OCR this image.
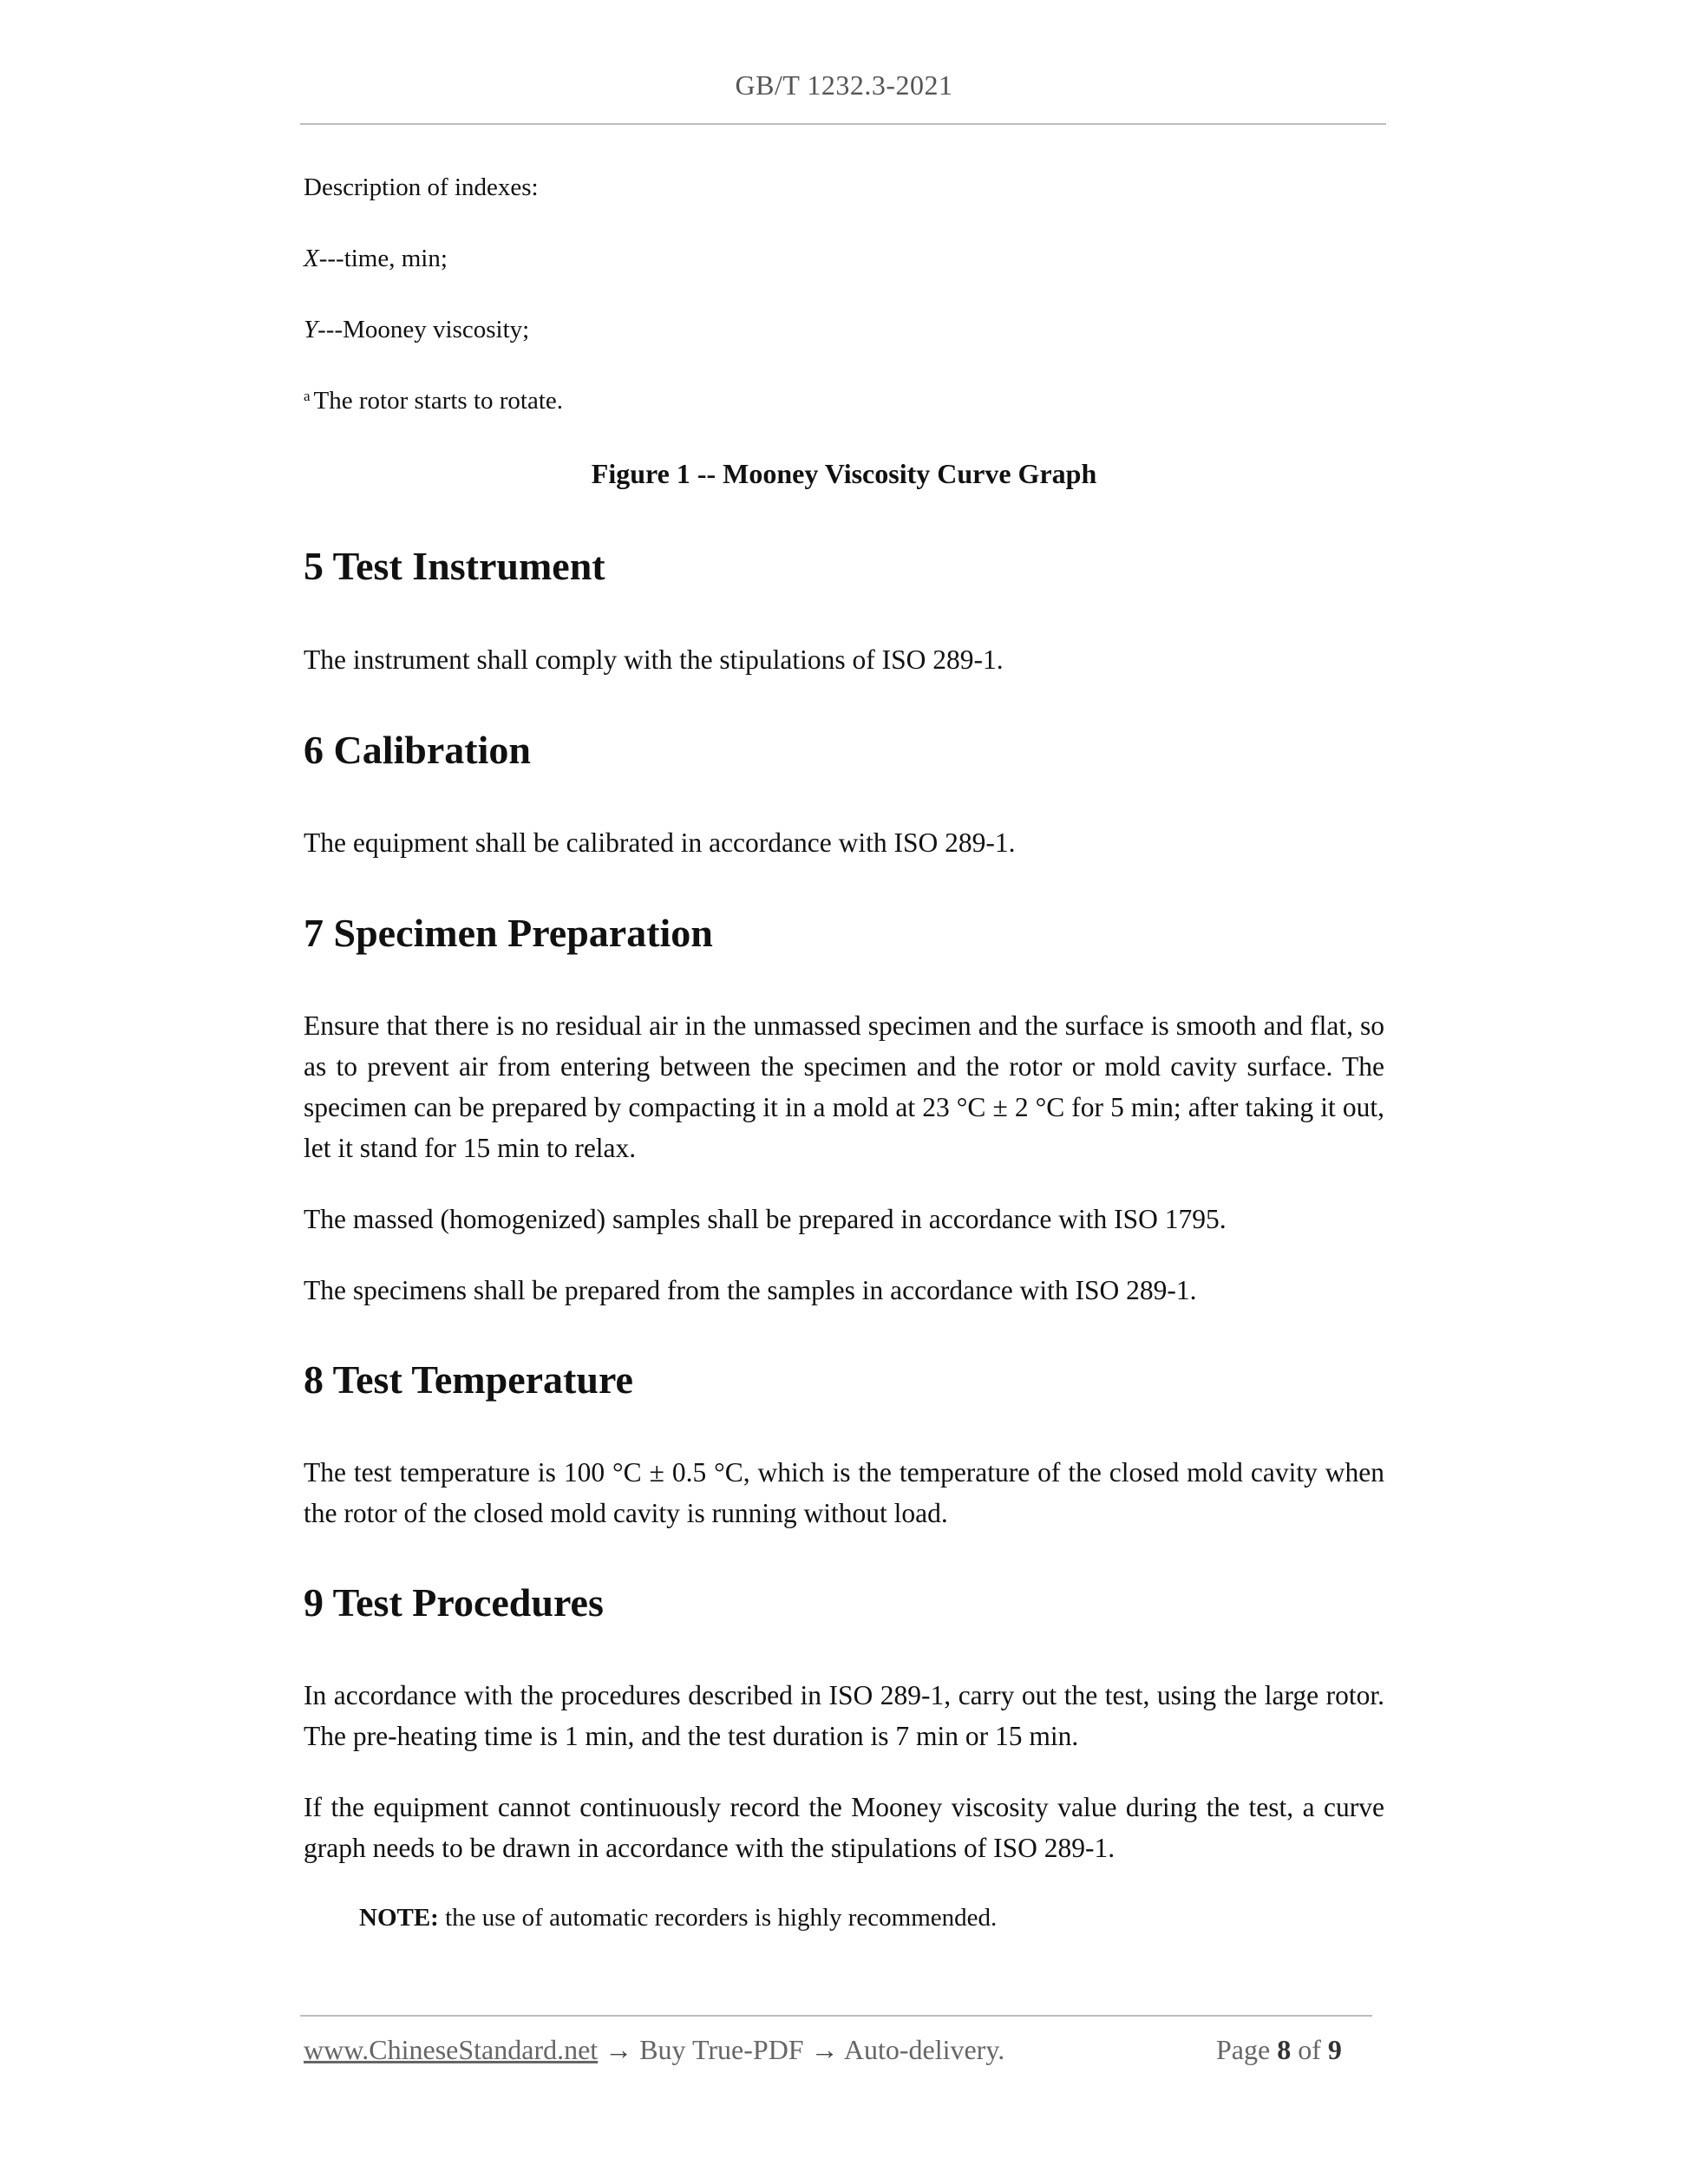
GB/T 1232.3-2021
Description of indexes:
X---time, min;
Y---Mooney viscosity;
$^a$ The rotor starts to rotate.
Figure 1 -- Mooney Viscosity Curve Graph
5 Test Instrument

The instrument shall comply with the stipulations of ISO 289-1.

6 Calibration

The equipment shall be calibrated in accordance with ISO 289-1.

7 Specimen Preparation

Ensure that there is no residual air in the unmassed specimen and the surface is smooth and flat, so as to prevent air from entering between the specimen and the rotor or mold cavity surface. The specimen can be prepared by compacting it in a mold at 23 °C ± 2 °C for 5 min; after taking it out, let it stand for 15 min to relax.

The massed (homogenized) samples shall be prepared in accordance with ISO 1795.

The specimens shall be prepared from the samples in accordance with ISO 289-1.

8 Test Temperature

The test temperature is 100 °C ± 0.5 °C, which is the temperature of the closed mold cavity when the rotor of the closed mold cavity is running without load.

9 Test Procedures

In accordance with the procedures described in ISO 289-1, carry out the test, using the large rotor. The pre-heating time is 1 min, and the test duration is 7 min or 15 min.

If the equipment cannot continuously record the Mooney viscosity value during the test, a curve graph needs to be drawn in accordance with the stipulations of ISO 289-1.

NOTE: the use of automatic recorders is highly recommended.

www.ChineseStandard.net → Buy True-PDF → Auto-delivery.	Page 8 of 9
